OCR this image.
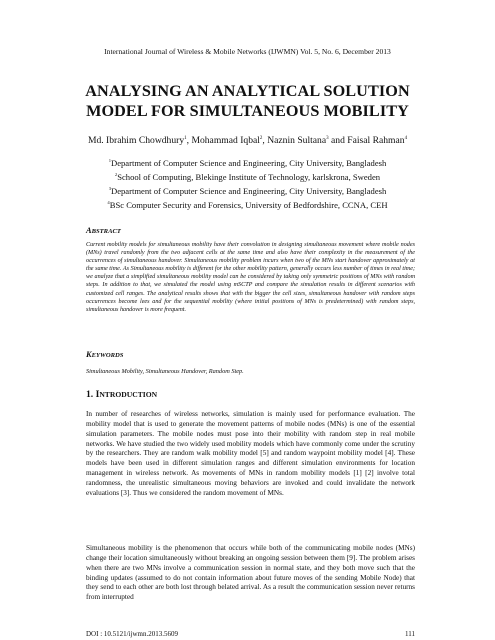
International Journal of Wireless & Mobile Networks (IJWMN) Vol. 5, No. 6, December 2013
ANALYSING AN ANALYTICAL SOLUTION
MODEL FOR SIMULTANEOUS MOBILITY
Md. Ibrahim Chowdhury$^1$, Mohammad Iqbal$^2$, Naznin Sultana$^3$ and Faisal Rahman$^4$
$^1$Department of Computer Science and Engineering, City University, Bangladesh
$^2$School of Computing, Blekinge Institute of Technology, karlskrona, Sweden
$^3$Department of Computer Science and Engineering, City University, Bangladesh
$^4$BSc Computer Security and Forensics, University of Bedfordshire, CCNA, CEH
ABSTRACT
Current mobility models for simultaneous mobility have their convolution in designing simultaneous movement where mobile nodes (MNs) travel randomly from the two adjacent cells at the same time and also have their complexity in the measurement of the occurrences of simultaneous handover. Simultaneous mobility problem incurs when two of the MNs start handover approximately at the same time. As Simultaneous mobility is different for the other mobility pattern, generally occurs less number of times in real time; we analyze that a simplified simultaneous mobility model can be considered by taking only symmetric positions of MNs with random steps. In addition to that, we simulated the model using mSCTP and compare the simulation results in different scenarios with customized cell ranges. The analytical results shows that with the bigger the cell sizes, simultaneous handover with random steps occurrences become lees and for the sequential mobility (where initial positions of MNs is predetermined) with random steps, simultaneous handover is more frequent.
KEYWORDS
Simultaneous Mobility, Simultaneous Handover, Random Step.
1. INTRODUCTION
In number of researches of wireless networks, simulation is mainly used for performance evaluation. The mobility model that is used to generate the movement patterns of mobile nodes (MNs) is one of the essential simulation parameters. The mobile nodes must pose into their mobility with random step in real mobile networks. We have studied the two widely used mobility models which have commonly come under the scrutiny by the researchers. They are random walk mobility model [5] and random waypoint mobility model [4]. These models have been used in different simulation ranges and different simulation environments for location management in wireless network. As movements of MNs in random mobility models [1] [2] involve total randomness, the unrealistic simultaneous moving behaviors are invoked and could invalidate the network evaluations [3]. Thus we considered the random movement of MNs.
Simultaneous mobility is the phenomenon that occurs while both of the communicating mobile nodes (MNs) change their location simultaneously without breaking an ongoing session between them [9]. The problem arises when there are two MNs involve a communication session in normal state, and they both move such that the binding updates (assumed to do not contain information about future moves of the sending Mobile Node) that they send to each other are both lost through belated arrival. As a result the communication session never returns from interrupted
DOI : 10.5121/ijwmn.2013.5609	111
